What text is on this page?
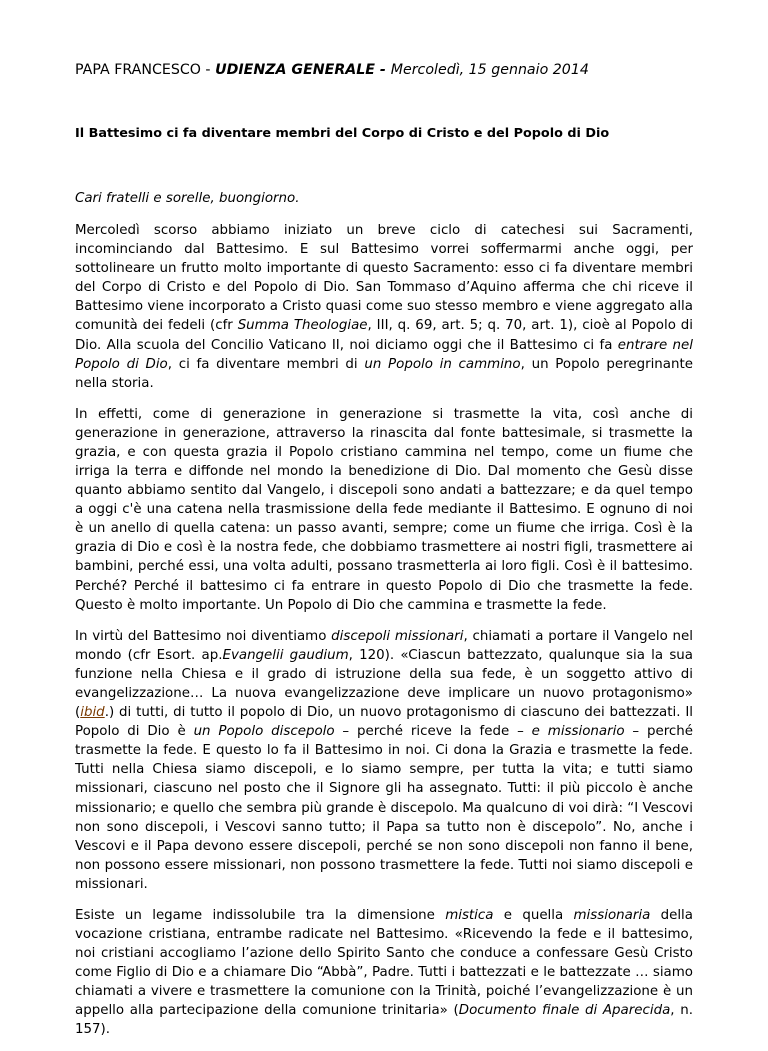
PAPA FRANCESCO - UDIENZA GENERALE - Mercoledì, 15 gennaio 2014
Il Battesimo ci fa diventare membri del Corpo di Cristo e del Popolo di Dio
Cari fratelli e sorelle, buongiorno.

Mercoledì scorso abbiamo iniziato un breve ciclo di catechesi sui Sacramenti, incominciando dal Battesimo. E sul Battesimo vorrei soffermarmi anche oggi, per sottolineare un frutto molto importante di questo Sacramento: esso ci fa diventare membri del Corpo di Cristo e del Popolo di Dio. San Tommaso d’Aquino afferma che chi riceve il Battesimo viene incorporato a Cristo quasi come suo stesso membro e viene aggregato alla comunità dei fedeli (cfr Summa Theologiae, III, q. 69, art. 5; q. 70, art. 1), cioè al Popolo di Dio. Alla scuola del Concilio Vaticano II, noi diciamo oggi che il Battesimo ci fa entrare nel Popolo di Dio, ci fa diventare membri di un Popolo in cammino, un Popolo peregrinante nella storia.

In effetti, come di generazione in generazione si trasmette la vita, così anche di generazione in generazione, attraverso la rinascita dal fonte battesimale, si trasmette la grazia, e con questa grazia il Popolo cristiano cammina nel tempo, come un fiume che irriga la terra e diffonde nel mondo la benedizione di Dio. Dal momento che Gesù disse quanto abbiamo sentito dal Vangelo, i discepoli sono andati a battezzare; e da quel tempo a oggi c'è una catena nella trasmissione della fede mediante il Battesimo. E ognuno di noi è un anello di quella catena: un passo avanti, sempre; come un fiume che irriga. Così è la grazia di Dio e così è la nostra fede, che dobbiamo trasmettere ai nostri figli, trasmettere ai bambini, perché essi, una volta adulti, possano trasmetterla ai loro figli. Così è il battesimo. Perché? Perché il battesimo ci fa entrare in questo Popolo di Dio che trasmette la fede. Questo è molto importante. Un Popolo di Dio che cammina e trasmette la fede.

In virtù del Battesimo noi diventiamo discepoli missionari, chiamati a portare il Vangelo nel mondo (cfr Esort. ap.Evangelii gaudium, 120). «Ciascun battezzato, qualunque sia la sua funzione nella Chiesa e il grado di istruzione della sua fede, è un soggetto attivo di evangelizzazione… La nuova evangelizzazione deve implicare un nuovo protagonismo» (ibid.) di tutti, di tutto il popolo di Dio, un nuovo protagonismo di ciascuno dei battezzati. Il Popolo di Dio è un Popolo discepolo – perché riceve la fede – e missionario – perché trasmette la fede. E questo lo fa il Battesimo in noi. Ci dona la Grazia e trasmette la fede. Tutti nella Chiesa siamo discepoli, e lo siamo sempre, per tutta la vita; e tutti siamo missionari, ciascuno nel posto che il Signore gli ha assegnato. Tutti: il più piccolo è anche missionario; e quello che sembra più grande è discepolo. Ma qualcuno di voi dirà: “I Vescovi non sono discepoli, i Vescovi sanno tutto; il Papa sa tutto non è discepolo”. No, anche i Vescovi e il Papa devono essere discepoli, perché se non sono discepoli non fanno il bene, non possono essere missionari, non possono trasmettere la fede. Tutti noi siamo discepoli e missionari.

Esiste un legame indissolubile tra la dimensione mistica e quella missionaria della vocazione cristiana, entrambe radicate nel Battesimo. «Ricevendo la fede e il battesimo, noi cristiani accogliamo l’azione dello Spirito Santo che conduce a confessare Gesù Cristo come Figlio di Dio e a chiamare Dio “Abbà”, Padre. Tutti i battezzati e le battezzate … siamo chiamati a vivere e trasmettere la comunione con la Trinità, poiché l’evangelizzazione è un appello alla partecipazione della comunione trinitaria» (Documento finale di Aparecida, n. 157).
